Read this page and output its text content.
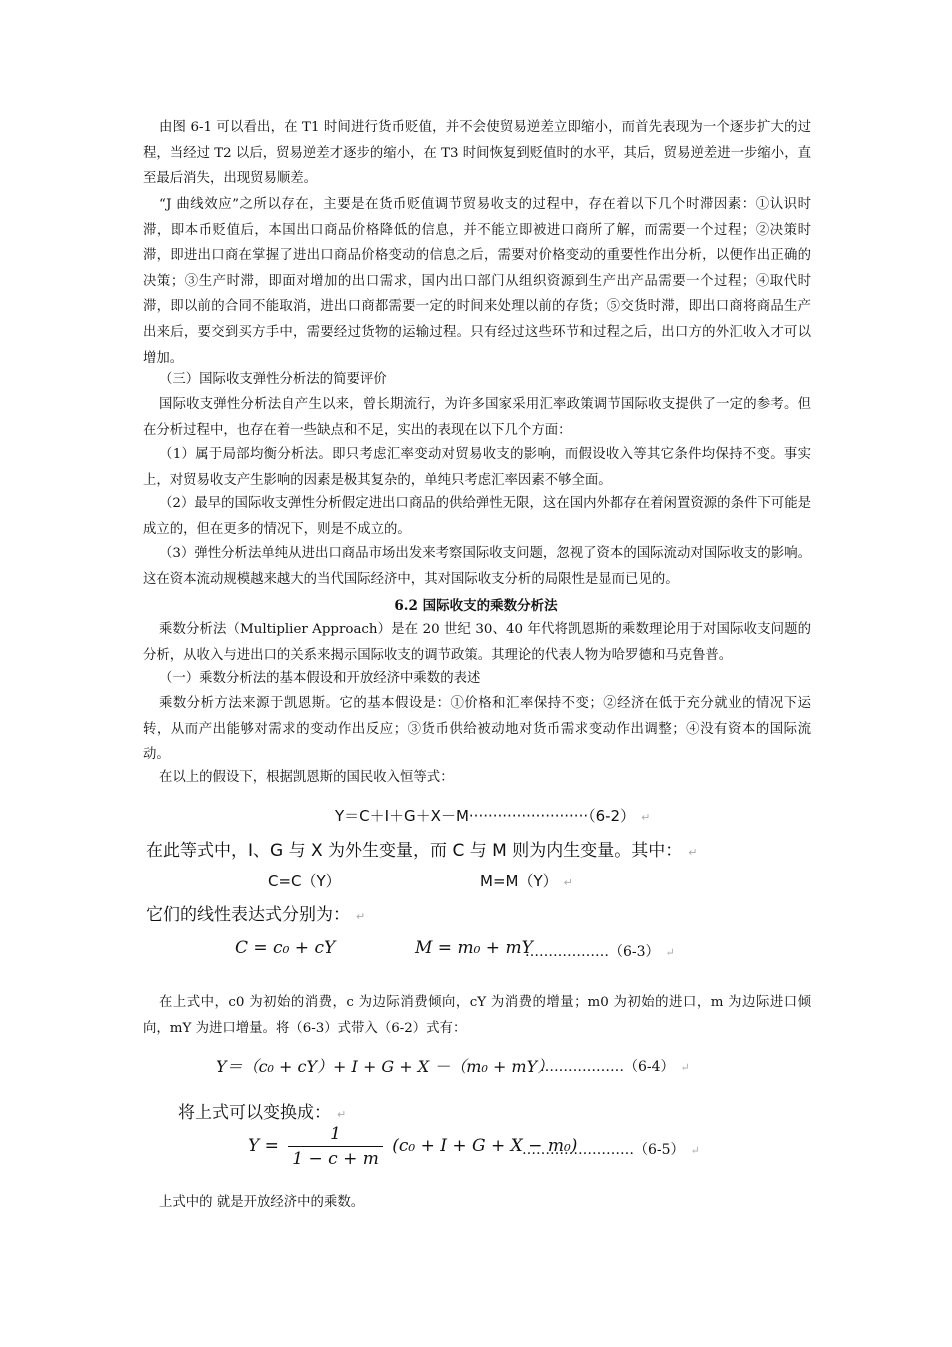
由图 6-1 可以看出，在 T1 时间进行货币贬值，并不会使贸易逆差立即缩小，而首先表现为一个逐步扩大的过程，当经过 T2 以后，贸易逆差才逐步的缩小，在 T3 时间恢复到贬值时的水平，其后，贸易逆差进一步缩小，直至最后消失，出现贸易顺差。

“J 曲线效应”之所以存在，主要是在货币贬值调节贸易收支的过程中，存在着以下几个时滞因素：①认识时滞，即本币贬值后，本国出口商品价格降低的信息，并不能立即被进口商所了解，而需要一个过程；②决策时滞，即进出口商在掌握了进出口商品价格变动的信息之后，需要对价格变动的重要性作出分析，以便作出正确的决策；③生产时滞，即面对增加的出口需求，国内出口部门从组织资源到生产出产品需要一个过程；④取代时滞，即以前的合同不能取消，进出口商都需要一定的时间来处理以前的存货；⑤交货时滞，即出口商将商品生产出来后，要交到买方手中，需要经过货物的运输过程。只有经过这些环节和过程之后，出口方的外汇收入才可以增加。

（三）国际收支弹性分析法的简要评价

国际收支弹性分析法自产生以来，曾长期流行，为许多国家采用汇率政策调节国际收支提供了一定的参考。但在分析过程中，也存在着一些缺点和不足，实出的表现在以下几个方面：

（1）属于局部均衡分析法。即只考虑汇率变动对贸易收支的影响，而假设收入等其它条件均保持不变。事实上，对贸易收支产生影响的因素是极其复杂的，单纯只考虑汇率因素不够全面。

（2）最早的国际收支弹性分析假定进出口商品的供给弹性无限，这在国内外都存在着闲置资源的条件下可能是成立的，但在更多的情况下，则是不成立的。

（3）弹性分析法单纯从进出口商品市场出发来考察国际收支问题，忽视了资本的国际流动对国际收支的影响。这在资本流动规模越来越大的当代国际经济中，其对国际收支分析的局限性是显而已见的。

6.2 国际收支的乘数分析法

乘数分析法（Multiplier Approach）是在 20 世纪 30、40 年代将凯恩斯的乘数理论用于对国际收支问题的分析，从收入与进出口的关系来揭示国际收支的调节政策。其理论的代表人物为哈罗德和马克鲁普。

（一）乘数分析法的基本假设和开放经济中乘数的表述

乘数分析方法来源于凯恩斯。它的基本假设是：①价格和汇率保持不变；②经济在低于充分就业的情况下运转，从而产出能够对需求的变动作出反应；③货币供给被动地对货币需求变动作出调整；④没有资本的国际流动。

在以上的假设下，根据凯恩斯的国民收入恒等式：

Y＝C＋I＋G＋X－M·························（6-2） ↵
在此等式中，I、G 与 X 为外生变量，而 C 与 M 则为内生变量。其中： ↵
C=C（Y）	M=M（Y） ↵
它们的线性表达式分别为： ↵
C = c₀ + cY	M = m₀ + mY
………………（6-3） ↵

在上式中，c0 为初始的消费，c 为边际消费倾向，cY 为消费的增量；m0 为初始的进口，m 为边际进口倾向，mY 为进口增量。将（6-3）式带入（6-2）式有：

Y＝（c₀ + cY）+ I + G + X －（m₀ + mY）
………………（6-4） ↵
将上式可以变换成： ↵
$Y = \frac{1}{1 - c + m} (c_0 + I + G + X - m_0)$
……………………（6-5） ↵

上式中的 就是开放经济中的乘数。
